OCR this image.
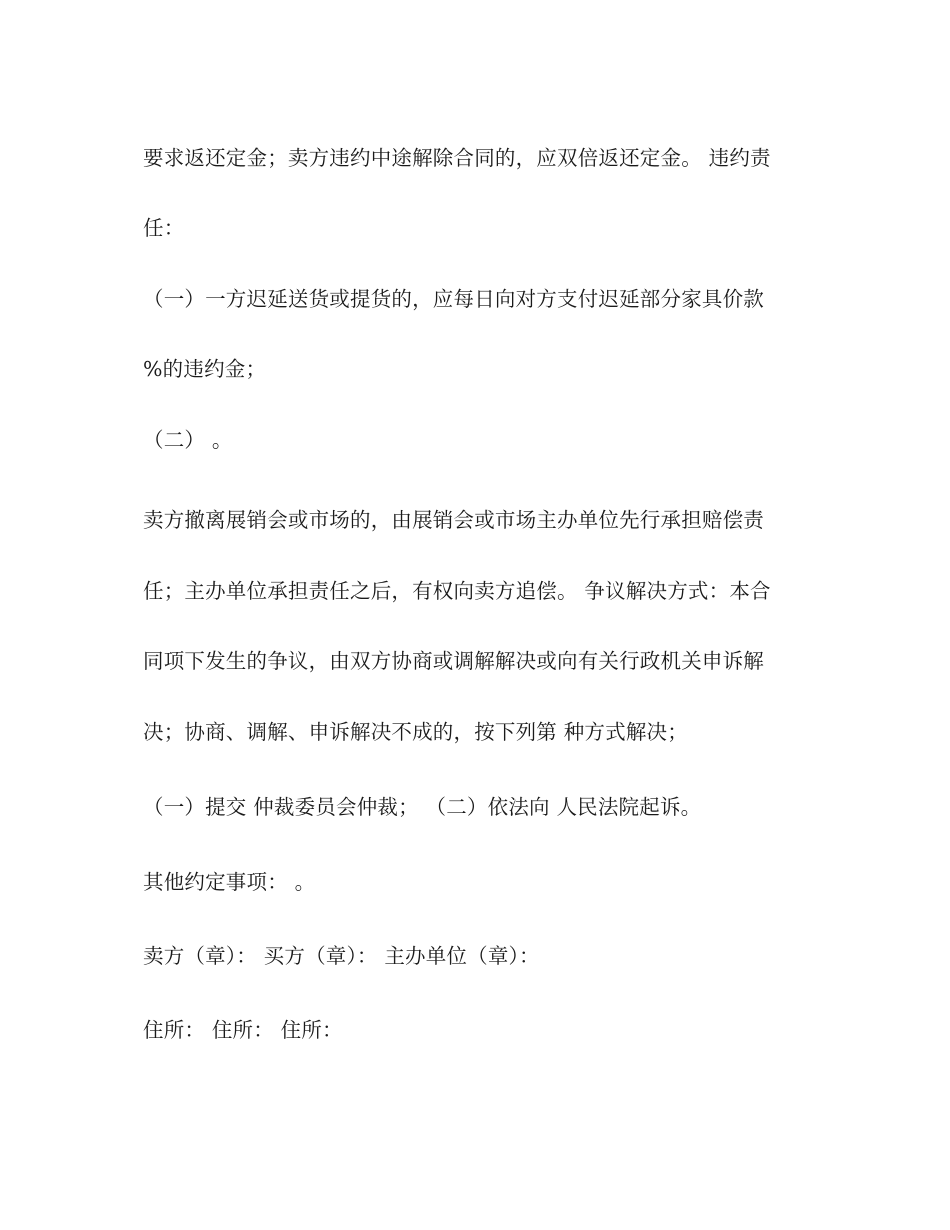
要求返还定金；卖方违约中途解除合同的，应双倍返还定金。 违约责
任：
（一）一方迟延送货或提货的，应每日向对方支付迟延部分家具价款
%的违约金；
（二） 。
卖方撤离展销会或市场的，由展销会或市场主办单位先行承担赔偿责
任；主办单位承担责任之后，有权向卖方追偿。 争议解决方式：本合
同项下发生的争议，由双方协商或调解解决或向有关行政机关申诉解
决；协商、调解、申诉解决不成的，按下列第 种方式解决；
（一）提交 仲裁委员会仲裁； （二）依法向 人民法院起诉。
其他约定事项： 。
卖方（章）： 买方（章）： 主办单位（章）：
住所： 住所： 住所：
